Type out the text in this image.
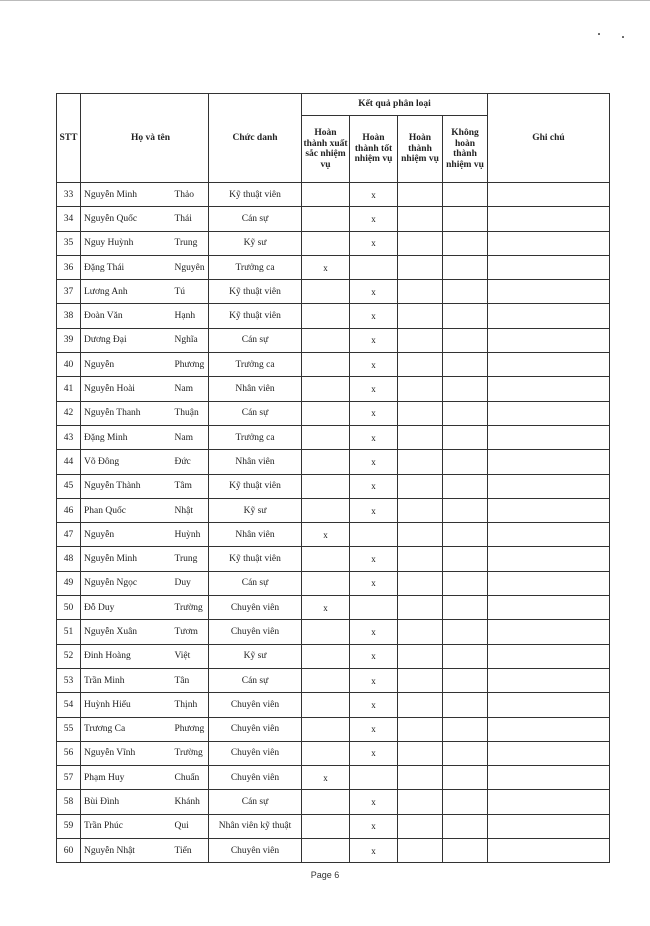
STT	Họ và tên		Chức danh	Kết quả phân loại				Ghi chú
				Hoàn thành xuất sắc nhiệm vụ	Hoàn thành tốt nhiệm vụ	Hoàn thành nhiệm vụ	Không hoàn thành nhiệm vụ	
33	Nguyễn Minh	Thảo	Kỹ thuật viên		x			
34	Nguyễn Quốc	Thái	Cán sự		x			
35	Nguy Huỳnh	Trung	Kỹ sư		x			
36	Đặng Thái	Nguyên	Trưởng ca	x				
37	Lương Anh	Tú	Kỹ thuật viên		x			
38	Đoàn Văn	Hạnh	Kỹ thuật viên		x			
39	Dương Đại	Nghĩa	Cán sự		x			
40	Nguyễn	Phương	Trưởng ca		x			
41	Nguyễn Hoài	Nam	Nhân viên		x			
42	Nguyễn Thanh	Thuận	Cán sự		x			
43	Đặng Minh	Nam	Trưởng ca		x			
44	Võ Đông	Đức	Nhân viên		x			
45	Nguyễn Thành	Tâm	Kỹ thuật viên		x			
46	Phan Quốc	Nhật	Kỹ sư		x			
47	Nguyễn	Huỳnh	Nhân viên	x				
48	Nguyễn Minh	Trung	Kỹ thuật viên		x			
49	Nguyễn Ngọc	Duy	Cán sự		x			
50	Đỗ Duy	Trường	Chuyên viên	x				
51	Nguyễn Xuân	Tươm	Chuyên viên		x			
52	Đinh Hoàng	Việt	Kỹ sư		x			
53	Trần Minh	Tân	Cán sự		x			
54	Huỳnh Hiếu	Thịnh	Chuyên viên		x			
55	Trương Ca	Phương	Chuyên viên		x			
56	Nguyễn Vĩnh	Trường	Chuyên viên		x			
57	Phạm Huy	Chuẩn	Chuyên viên	x				
58	Bùi Đình	Khánh	Cán sự		x			
59	Trần Phúc	Qui	Nhân viên kỹ thuật		x			
60	Nguyễn Nhật	Tiến	Chuyên viên		x			
Page 6
